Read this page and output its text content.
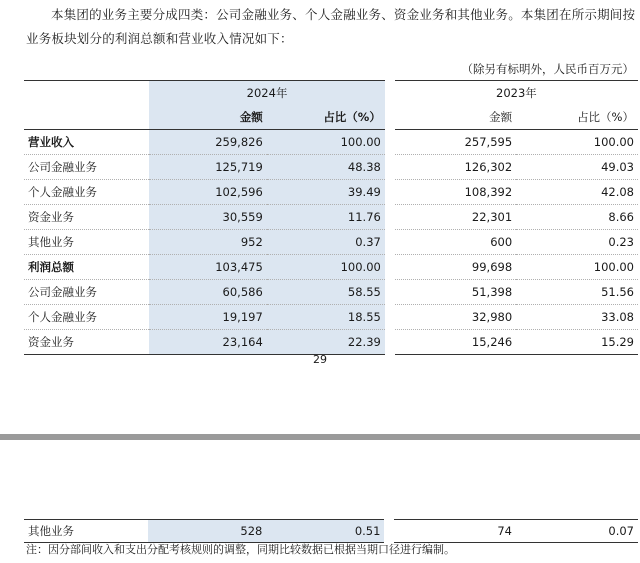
本集团的业务主要分成四类：公司金融业务、个人金融业务、资金业务和其他业务。本集团在所示期间按业务板块划分的利润总额和营业收入情况如下：

（除另有标明外，人民币百万元）
	2024年		2023年	
	金额	占比（%）	金额	占比（%）
营业收入	259,826	100.00	257,595	100.00
公司金融业务	125,719	48.38	126,302	49.03
个人金融业务	102,596	39.49	108,392	42.08
资金业务	30,559	11.76	22,301	8.66
其他业务	952	0.37	600	0.23
利润总额	103,475	100.00	99,698	100.00
公司金融业务	60,586	58.55	51,398	51.56
个人金融业务	19,197	18.55	32,980	33.08
资金业务	23,164	22.39	15,246	15.29
29
其他业务	528	0.51	74	0.07

注：因分部间收入和支出分配考核规则的调整，同期比较数据已根据当期口径进行编制。
